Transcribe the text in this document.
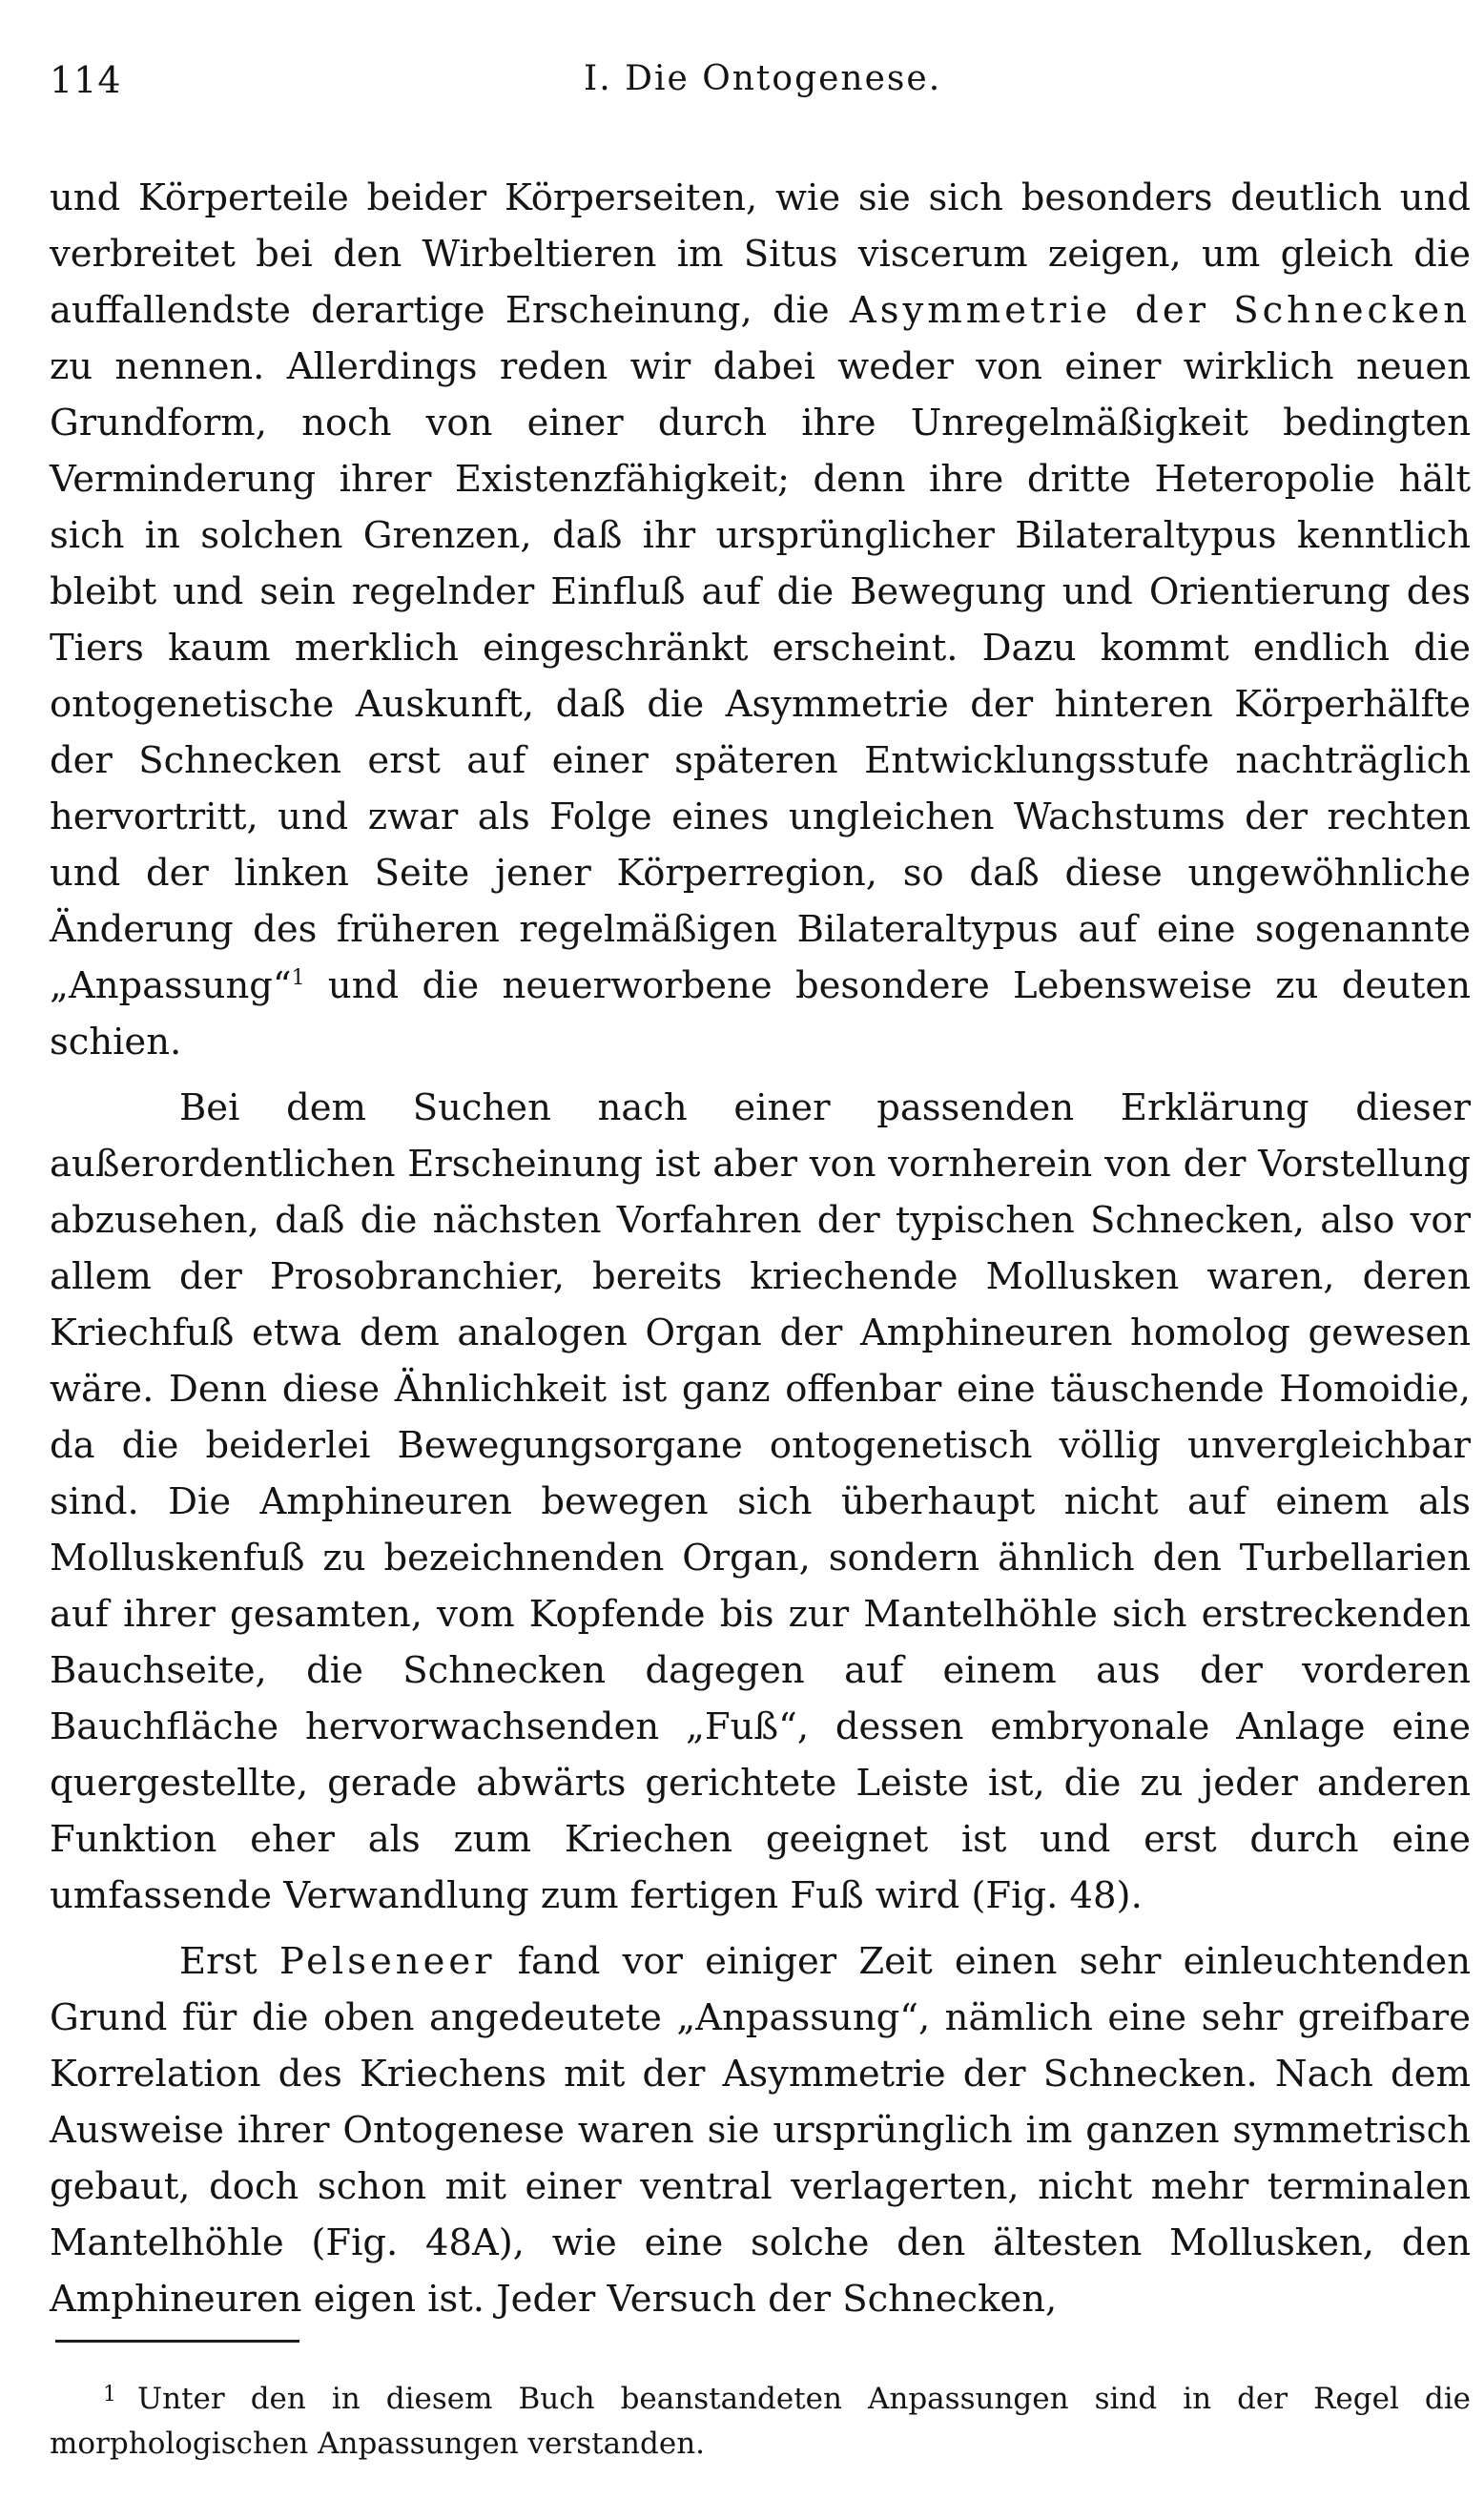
114	I. Die Ontogenese.

und Körperteile beider Körperseiten, wie sie sich besonders deutlich und verbreitet bei den Wirbeltieren im Situs viscerum zeigen, um gleich die auffallendste derartige Erscheinung, die Asymmetrie der Schnecken zu nennen. Allerdings reden wir dabei weder von einer wirklich neuen Grundform, noch von einer durch ihre Unregelmäßigkeit bedingten Verminderung ihrer Existenzfähigkeit; denn ihre dritte Heteropolie hält sich in solchen Grenzen, daß ihr ursprünglicher Bilateraltypus kenntlich bleibt und sein regelnder Einfluß auf die Bewegung und Orientierung des Tiers kaum merklich eingeschränkt erscheint. Dazu kommt endlich die ontogenetische Auskunft, daß die Asymmetrie der hinteren Körperhälfte der Schnecken erst auf einer späteren Entwicklungsstufe nachträglich hervortritt, und zwar als Folge eines ungleichen Wachstums der rechten und der linken Seite jener Körperregion, so daß diese ungewöhnliche Änderung des früheren regelmäßigen Bilateraltypus auf eine sogenannte „Anpassung“$^1$ und die neuerworbene besondere Lebensweise zu deuten schien.

Bei dem Suchen nach einer passenden Erklärung dieser außerordentlichen Erscheinung ist aber von vornherein von der Vorstellung abzusehen, daß die nächsten Vorfahren der typischen Schnecken, also vor allem der Prosobranchier, bereits kriechende Mollusken waren, deren Kriechfuß etwa dem analogen Organ der Amphineuren homolog gewesen wäre. Denn diese Ähnlichkeit ist ganz offenbar eine täuschende Homoidie, da die beiderlei Bewegungsorgane ontogenetisch völlig unvergleichbar sind. Die Amphineuren bewegen sich überhaupt nicht auf einem als Molluskenfuß zu bezeichnenden Organ, sondern ähnlich den Turbellarien auf ihrer gesamten, vom Kopfende bis zur Mantelhöhle sich erstreckenden Bauchseite, die Schnecken dagegen auf einem aus der vorderen Bauchfläche hervorwachsenden „Fuß“, dessen embryonale Anlage eine quergestellte, gerade abwärts gerichtete Leiste ist, die zu jeder anderen Funktion eher als zum Kriechen geeignet ist und erst durch eine umfassende Verwandlung zum fertigen Fuß wird (Fig. 48).

Erst Pelseneer fand vor einiger Zeit einen sehr einleuchtenden Grund für die oben angedeutete „Anpassung“, nämlich eine sehr greifbare Korrelation des Kriechens mit der Asymmetrie der Schnecken. Nach dem Ausweise ihrer Ontogenese waren sie ursprünglich im ganzen symmetrisch gebaut, doch schon mit einer ventral verlagerten, nicht mehr terminalen Mantelhöhle (Fig. 48A), wie eine solche den ältesten Mollusken, den Amphineuren eigen ist. Jeder Versuch der Schnecken,

1 Unter den in diesem Buch beanstandeten Anpassungen sind in der Regel die morphologischen Anpassungen verstanden.
